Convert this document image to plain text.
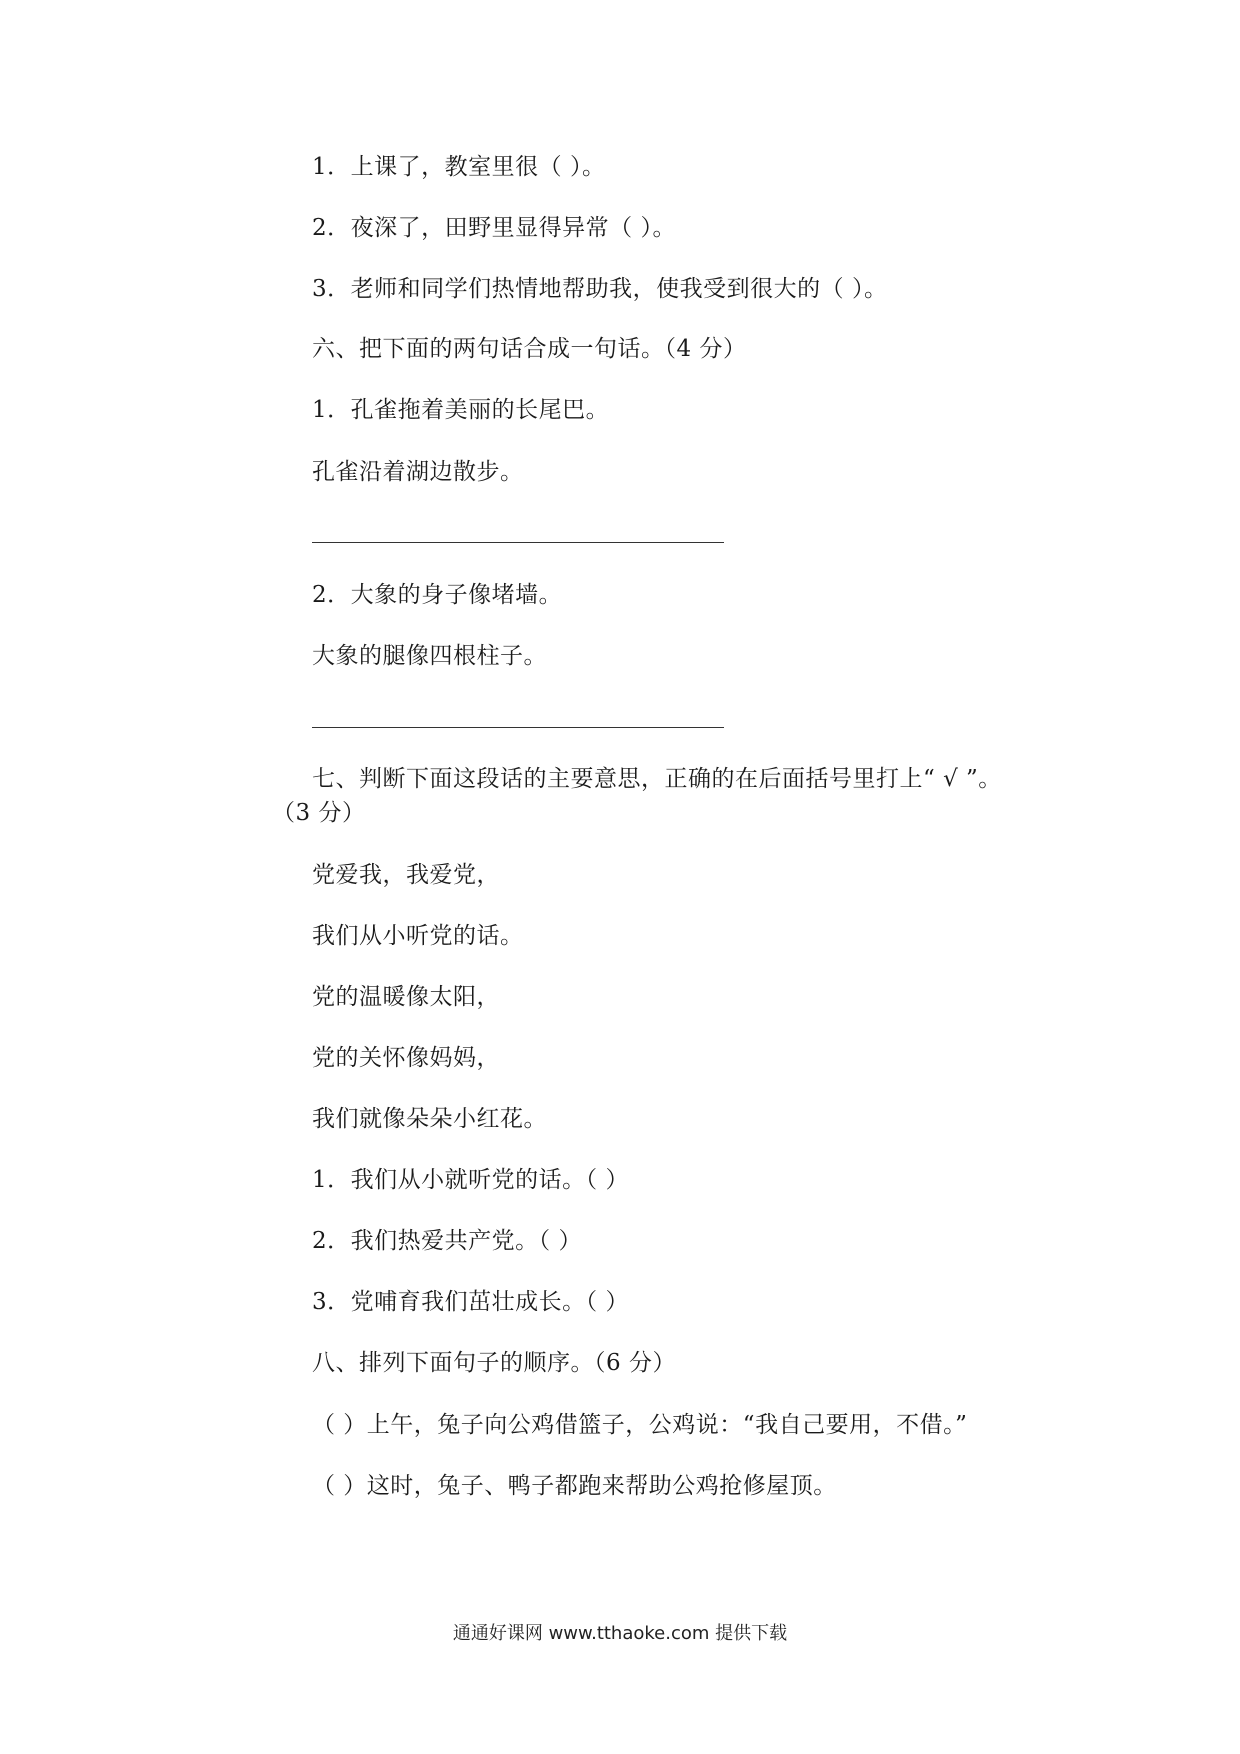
1．上课了，教室里很（ ）。
2．夜深了，田野里显得异常（ ）。
3．老师和同学们热情地帮助我，使我受到很大的（ ）。
六、把下面的两句话合成一句话。（4 分）
1．孔雀拖着美丽的长尾巴。
孔雀沿着湖边散步。
2．大象的身子像堵墙。
大象的腿像四根柱子。
七、判断下面这段话的主要意思，正确的在后面括号里打上“ √ ”。
（3 分）
党爱我，我爱党，
我们从小听党的话。
党的温暖像太阳，
党的关怀像妈妈，
我们就像朵朵小红花。
1．我们从小就听党的话。（ ）
2．我们热爱共产党。（ ）
3．党哺育我们茁壮成长。（ ）
八、排列下面句子的顺序。（6 分）
（ ）上午，兔子向公鸡借篮子，公鸡说：“我自己要用，不借。”
（ ）这时，兔子、鸭子都跑来帮助公鸡抢修屋顶。
通通好课网 www.tthaoke.com 提供下载
